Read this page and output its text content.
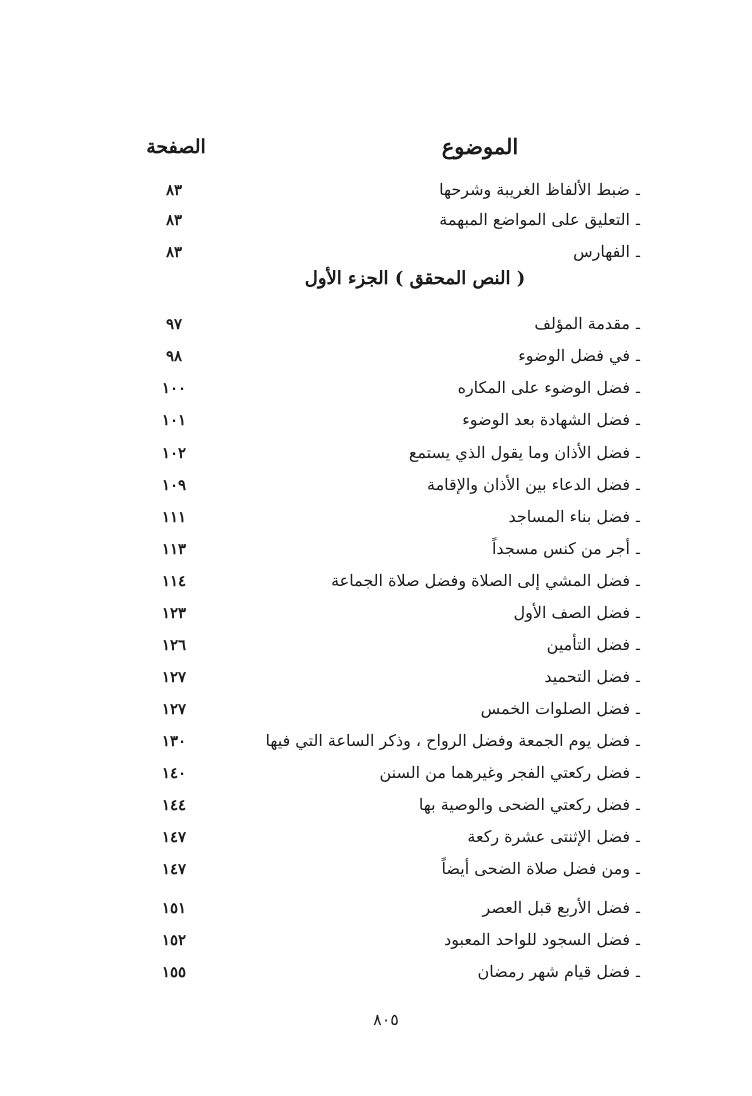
الموضوع
الصفحة
ـ
ضبط الألفاظ الغريبة وشرحها
٨٣
ـ
التعليق على المواضع المبهمة
٨٣
ـ
الفهارس
٨٣
( النص المحقق ) الجزء الأول
ـ
مقدمة المؤلف
٩٧
ـ
في فضل الوضوء
٩٨
ـ
فضل الوضوء على المكاره
١٠٠
ـ
فضل الشهادة بعد الوضوء
١٠١
ـ
فضل الأذان وما يقول الذي يستمع
١٠٢
ـ
فضل الدعاء بين الأذان والإقامة
١٠٩
ـ
فضل بناء المساجد
١١١
ـ
أجر من كنس مسجداً
١١٣
ـ
فضل المشي إلى الصلاة وفضل صلاة الجماعة
١١٤
ـ
فضل الصف الأول
١٢٣
ـ
فضل التأمين
١٢٦
ـ
فضل التحميد
١٢٧
ـ
فضل الصلوات الخمس
١٢٧
ـ
فضل يوم الجمعة وفضل الرواح ، وذكر الساعة التي فيها
١٣٠
ـ
فضل ركعتي الفجر وغيرهما من السنن
١٤٠
ـ
فضل ركعتي الضحى والوصية بها
١٤٤
ـ
فضل الإثنتى عشرة ركعة
١٤٧
ـ
ومن فضل صلاة الضحى أيضاً
١٤٧
ـ
فضل الأربع قبل العصر
١٥١
ـ
فضل السجود للواحد المعبود
١٥٢
ـ
فضل قيام شهر رمضان
١٥٥
٨٠٥
